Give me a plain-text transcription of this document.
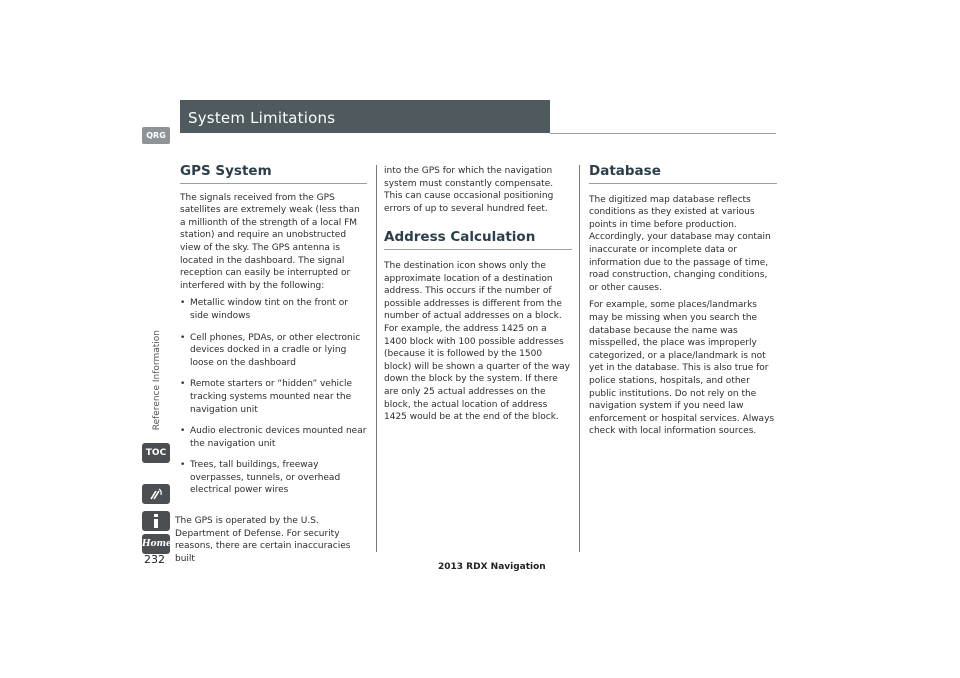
System Limitations
QRG
Reference Information
TOC
Home
232
GPS System

The signals received from the GPS satellites are extremely weak (less than a millionth of the strength of a local FM station) and require an unobstructed view of the sky. The GPS antenna is located in the dashboard. The signal reception can easily be interrupted or interfered with by the following:

• Metallic window tint on the front or side windows
• Cell phones, PDAs, or other electronic devices docked in a cradle or lying loose on the dashboard
• Remote starters or “hidden” vehicle tracking systems mounted near the navigation unit
• Audio electronic devices mounted near the navigation unit
• Trees, tall buildings, freeway overpasses, tunnels, or overhead electrical power wires
The GPS is operated by the U.S. Department of Defense. For security reasons, there are certain inaccuracies built

into the GPS for which the navigation system must constantly compensate. This can cause occasional positioning errors of up to several hundred feet.

Address Calculation

The destination icon shows only the approximate location of a destination address. This occurs if the number of possible addresses is different from the number of actual addresses on a block. For example, the address 1425 on a 1400 block with 100 possible addresses (because it is followed by the 1500 block) will be shown a quarter of the way down the block by the system. If there are only 25 actual addresses on the block, the actual location of address 1425 would be at the end of the block.

Database

The digitized map database reflects conditions as they existed at various points in time before production. Accordingly, your database may contain inaccurate or incomplete data or information due to the passage of time, road construction, changing conditions, or other causes.

For example, some places/landmarks may be missing when you search the database because the name was misspelled, the place was improperly categorized, or a place/landmark is not yet in the database. This is also true for police stations, hospitals, and other public institutions. Do not rely on the navigation system if you need law enforcement or hospital services. Always check with local information sources.

2013 RDX Navigation
